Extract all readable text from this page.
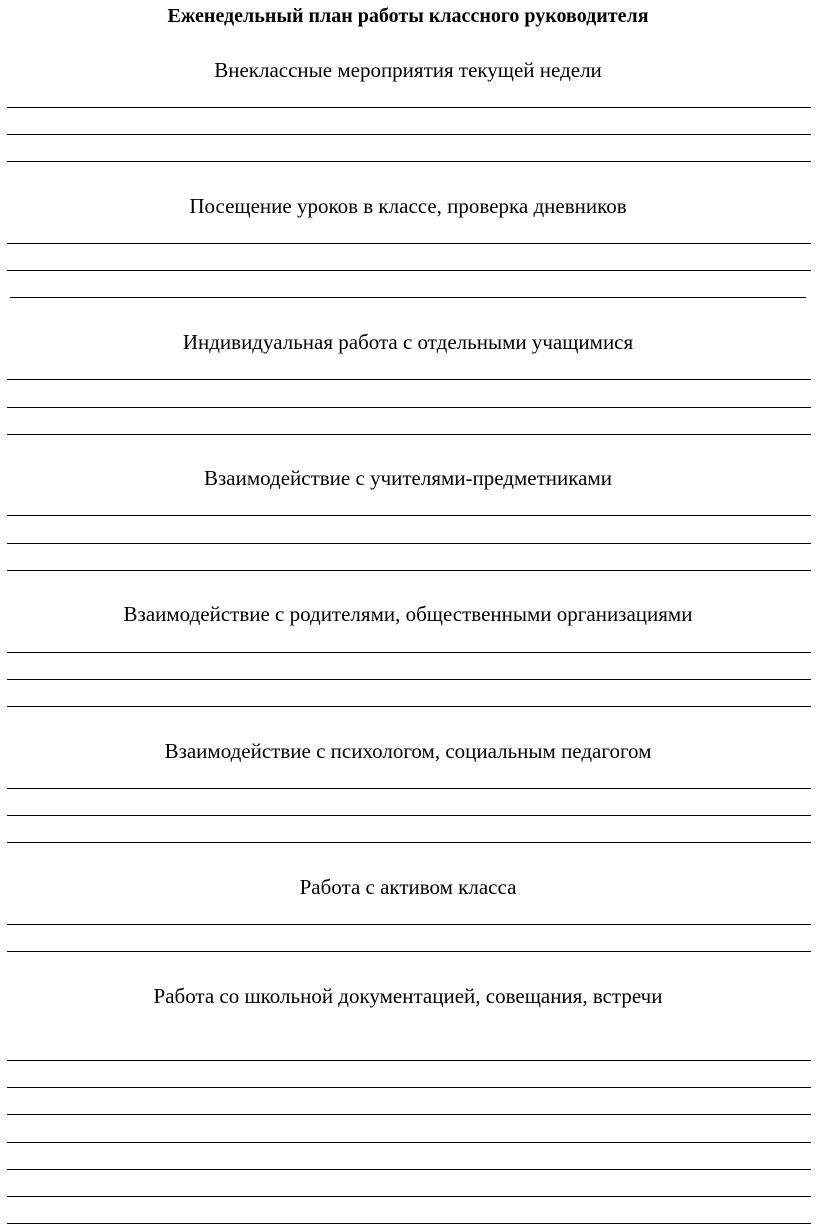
Еженедельный план работы классного руководителя
Внеклассные мероприятия текущей недели
Посещение уроков в классе, проверка дневников
Индивидуальная работа с отдельными учащимися
Взаимодействие с учителями-предметниками
Взаимодействие с родителями, общественными организациями
Взаимодействие с психологом, социальным педагогом
Работа с активом класса
Работа со школьной документацией, совещания, встречи
